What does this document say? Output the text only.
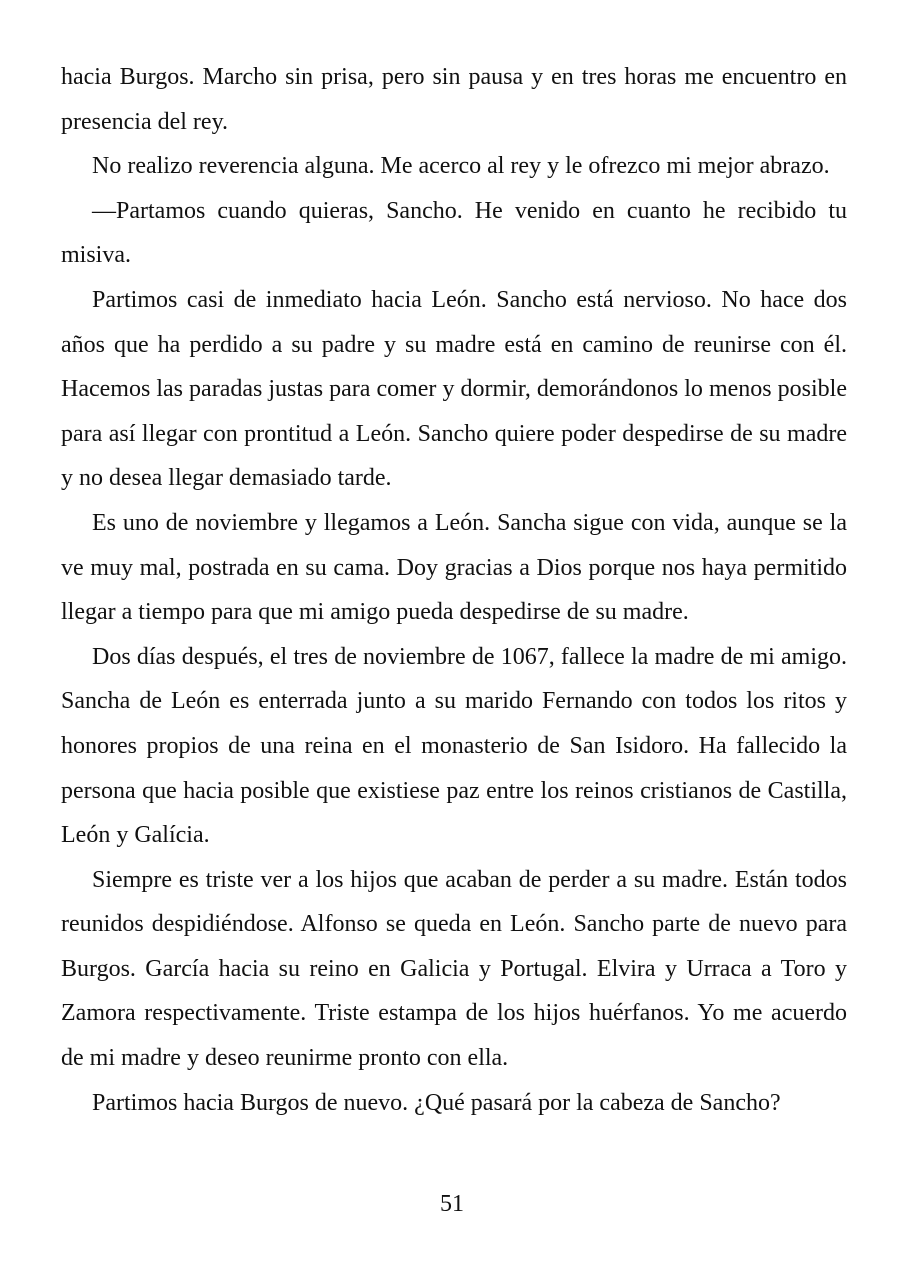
hacia Burgos. Marcho sin prisa, pero sin pausa y en tres horas me encuentro en presencia del rey.

No realizo reverencia alguna. Me acerco al rey y le ofrezco mi mejor abrazo.

—Partamos cuando quieras, Sancho. He venido en cuanto he recibido tu misiva.

Partimos casi de inmediato hacia León. Sancho está nervioso. No hace dos años que ha perdido a su padre y su madre está en camino de reunirse con él. Hacemos las paradas justas para comer y dormir, demorándonos lo menos posible para así llegar con prontitud a León. Sancho quiere poder despedirse de su madre y no desea llegar demasiado tarde.

Es uno de noviembre y llegamos a León. Sancha sigue con vida, aunque se la ve muy mal, postrada en su cama. Doy gracias a Dios porque nos haya permitido llegar a tiempo para que mi amigo pueda despedirse de su madre.

Dos días después, el tres de noviembre de 1067, fallece la madre de mi amigo. Sancha de León es enterrada junto a su marido Fernando con todos los ritos y honores propios de una reina en el monasterio de San Isidoro. Ha fallecido la persona que hacia posible que existiese paz entre los reinos cristianos de Castilla, León y Galícia.

Siempre es triste ver a los hijos que acaban de perder a su madre. Están todos reunidos despidiéndose. Alfonso se queda en León. Sancho parte de nuevo para Burgos. García hacia su reino en Galicia y Portugal. Elvira y Urraca a Toro y Zamora respectivamente. Triste estampa de los hijos huérfanos. Yo me acuerdo de mi madre y deseo reunirme pronto con ella.

Partimos hacia Burgos de nuevo. ¿Qué pasará por la cabeza de Sancho?

51
